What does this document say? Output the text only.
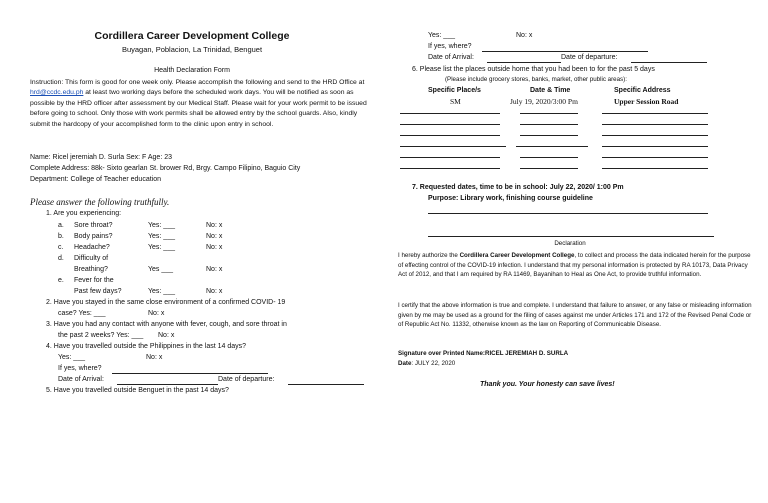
Cordillera Career Development College
Buyagan, Poblacion, La Trinidad, Benguet
Health Declaration Form
Instruction: This form is good for one week only. Please accomplish the following and send to the HRD Office at hrd@ccdc.edu.ph at least two working days before the scheduled work days. You will be notified as soon as possible by the HRD officer after assessment by our Medical Staff. Please wait for your work permit to be issued before going to school. Only those with work permits shall be allowed entry by the school guards. Also, kindly submit the hardcopy of your accomplished form to the clinic upon entry in school.
Name: Ricel jeremiah D. Surla Sex: F Age: 23
Complete Address: 88k- Sixto gearlan St. brower Rd, Brgy. Campo Filipino, Baguio City
Department: College of Teacher education
Please answer the following truthfully.
1. Are you experiencing:
a. Sore throat?	Yes: ___	No: x
b. Body pains?	Yes: ___	No: x
c. Headache?	Yes: ___	No: x
d. Difficulty of
Breathing?	Yes ___	No: x
e. Fever for the
Past few days?	Yes: ___	No: x
2. Have you stayed in the same close environment of a confirmed COVID- 19
case? Yes: ___	No: x
3. Have you had any contact with anyone with fever, cough, and sore throat in
the past 2 weeks? Yes: ___ No: x
4. Have you travelled outside the Philippines in the last 14 days?
Yes: ___	No: x
If yes, where?
Date of Arrival:	Date of departure:
5. Have you travelled outside Benguet in the past 14 days?
Yes: ___	No: x
If yes, where?
Date of Arrival:	Date of departure:
6. Please list the places outside home that you had been to for the past 5 days
(Please include grocery stores, banks, market, other public areas):
Specific Place/s	Date & Time	Specific Address
SM	July 19, 2020/3:00 Pm	Upper Session Road
7. Requested dates, time to be in school: July 22, 2020/ 1:00 Pm
Purpose: Library work, finishing course guideline
Declaration
I hereby authorize the Cordillera Career Development College, to collect and process the data indicated herein for the purpose of effecting control of the COVID-19 infection. I understand that my personal information is protected by RA 10173, Data Privacy Act of 2012, and that I am required by RA 11469, Bayanihan to Heal as One Act, to provide truthful information.
I certify that the above information is true and complete. I understand that failure to answer, or any false or misleading information given by me may be used as a ground for the filing of cases against me under Articles 171 and 172 of the Revised Penal Code or of Republic Act No. 11332, otherwise known as the law on Reporting of Communicable Disease.
Signature over Printed Name:RICEL JEREMIAH D. SURLA
Date: JULY 22, 2020
Thank you. Your honesty can save lives!
